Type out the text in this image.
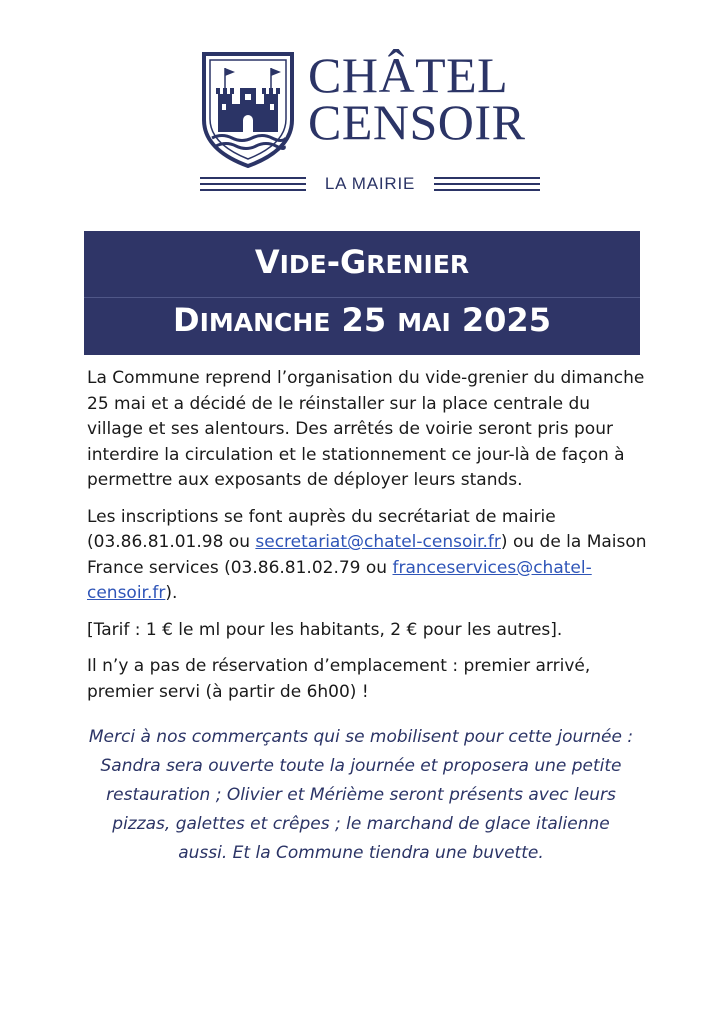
CHÂTEL
CENSOIR
LA MAIRIE
VIDE-GRENIER
DIMANCHE 25 MAI 2025

La Commune reprend l’organisation du vide-grenier du dimanche 25 mai et a décidé de le réinstaller sur la place centrale du village et ses alentours. Des arrêtés de voirie seront pris pour interdire la circulation et le stationnement ce jour-là de façon à permettre aux exposants de déployer leurs stands.

Les inscriptions se font auprès du secrétariat de mairie (03.86.81.01.98 ou secretariat@chatel-censoir.fr) ou de la Maison France services (03.86.81.02.79 ou franceservices@chatel-censoir.fr).

[Tarif : 1 € le ml pour les habitants, 2 € pour les autres].

Il n’y a pas de réservation d’emplacement : premier arrivé, premier servi (à partir de 6h00) !

Merci à nos commerçants qui se mobilisent pour cette journée : Sandra sera ouverte toute la journée et proposera une petite restauration ; Olivier et Mérième seront présents avec leurs pizzas, galettes et crêpes ; le marchand de glace italienne aussi. Et la Commune tiendra une buvette.
